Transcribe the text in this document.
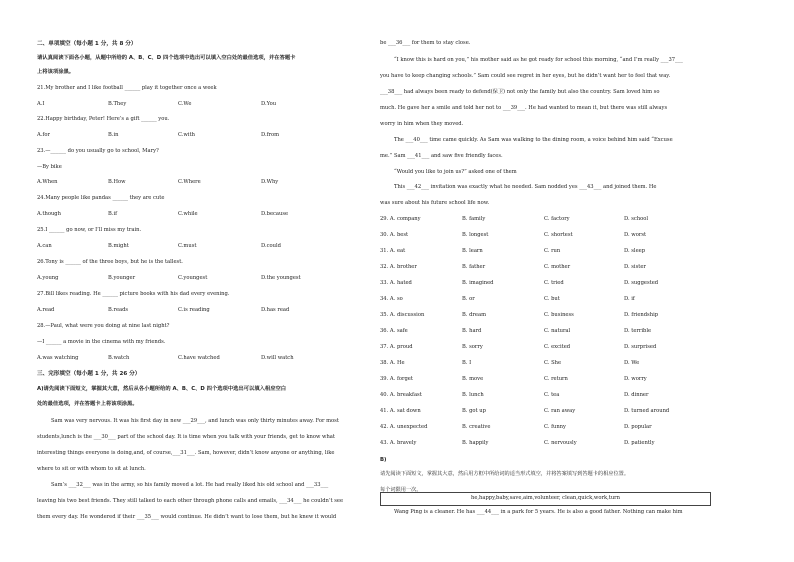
二、单项填空（每小题 1 分，共 8 分）
请认真阅读下面各小题，从题中所给的 A、B、C、D 四个选项中选出可以填入空白处的最佳选项，并在答题卡
上将该项涂黑。
21.My brother and I like football ______ play it together once a week
A.I	B.They	C.We	D.You
22.Happy birthday, Peter! Here’s a gift ______ you.
A.for	B.in	C.with	D.from
23.—______ do you usually go to school, Mary?
—By bike
A.When	B.How	C.Where	D.Why
24.Many people like pandas ______ they are cute
A.though	B.if	C.while	D.because
25.I ______ go now, or I’ll miss my train.
A.can	B.might	C.must	D.could
26.Tony is ______ of the three boys, but he is the tallest.
A.young	B.younger	C.youngest	D.the youngest
27.Bill likes reading. He ______ picture books with his dad every evening.
A.read	B.reads	C.is reading	D.has read
28.—Paul, what were you doing at nine last night?
—I ______ a movie in the cinema with my friends.
A.was watching	B.watch	C.have watched	D.will watch
三、完形填空（每小题 1 分，共 26 分）
A)请先阅读下面短文，掌握其大意，然后从各小题所给的 A、B、C、D 四个选项中选出可以填入相应空白
处的最佳选项，并在答题卡上将该项涂黑。
Sam was very nervous. It was his first day in new ___29___, and lunch was only thirty minutes away. For most
students,lunch is the ___30___ part of the school day. It is time when you talk with your friends, get to know what
interesting things everyone is doing,and, of course,___31___. Sam, however, didn’t know anyone or anything, like
where to sit or with whom to sit at lunch.
Sam’s ___32___ was in the army, so his family moved a lot. He had really liked his old school and ___33___
leaving his two best friends. They still talked to each other through phone calls and emails, ___34___ he couldn’t see
them every day. He wondered if their ___35___ would continue. He didn’t want to lose them, but he knew it would
be ___36___ for them to stay close.
“I know this is hard on you,” his mother said as he got ready for school this morning, “and I’m really ___37___
you have to keep changing schools.” Sam could see regret in her eyes, but he didn’t want her to feel that way.
___38___ had always been ready to defend(保卫) not only the family but also the country. Sam loved him so
much. He gave her a smile and told her not to ___39___. He had wanted to mean it, but there was still always
worry in him when they moved.
The ___40___ time came quickly. As Sam was walking to the dining room, a voice behind him said “Excuse
me.” Sam ___41___ and saw five friendly faces.
“Would you like to join us?” asked one of them
This ___42___ invitation was exactly what he needed. Sam nodded yes ___43___ and joined them. He
was sure about his future school life now.
29. A. company	B. family	C. factory	D. school
30. A. best	B. longest	C. shortest	D. worst
31. A. eat	B. learn	C. run	D. sleep
32. A. brother	B. father	C. mother	D. sister
33. A. hated	B. imagined	C. tried	D. suggested
34. A. so	B. or	C. but	D. if
35. A. discussion	B. dream	C. business	D. friendship
36. A. safe	B. hard	C. natural	D. terrible
37. A. proud	B. sorry	C. excited	D. surprised
38. A. He	B. I	C. She	D. We
39. A. forget	B. move	C. return	D. worry
40. A. breakfast	B. lunch	C. tea	D. dinner
41. A. sat down	B. got up	C. ran away	D. turned around
42. A. unexpected	B. creative	C. funny	D. popular
43. A. bravely	B. happily	C. nervously	D. patiently
B)
请先阅读下面短文，掌握其大意，然后用方框中所给词的适当形式填空，并将答案填写到答题卡的相应位置。
每个词限用一次。
he,happy,baby,save,aim,volunteer, clean,quick,work,turn
Wang Ping is a cleaner. He has ___44___ in a park for 5 years. He is also a good father. Nothing can make him
